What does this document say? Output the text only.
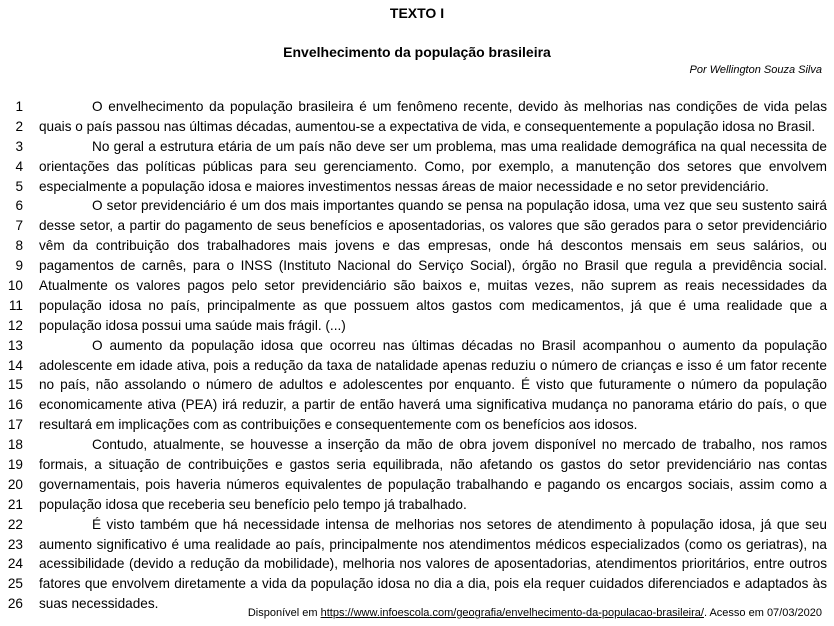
TEXTO I
Envelhecimento da população brasileira
Por Wellington Souza Silva
1	O envelhecimento da população brasileira é um fenômeno recente, devido às melhorias nas condições de vida pelas
2 quais o país passou nas últimas décadas, aumentou-se a expectativa de vida, e consequentemente a população idosa no Brasil.
3	No geral a estrutura etária de um país não deve ser um problema, mas uma realidade demográfica na qual necessita de
4 orientações das políticas públicas para seu gerenciamento. Como, por exemplo, a manutenção dos setores que envolvem
5 especialmente a população idosa e maiores investimentos nessas áreas de maior necessidade e no setor previdenciário.
6	O setor previdenciário é um dos mais importantes quando se pensa na população idosa, uma vez que seu sustento sairá
7 desse setor, a partir do pagamento de seus benefícios e aposentadorias, os valores que são gerados para o setor previdenciário
8 vêm da contribuição dos trabalhadores mais jovens e das empresas, onde há descontos mensais em seus salários, ou
9 pagamentos de carnês, para o INSS (Instituto Nacional do Serviço Social), órgão no Brasil que regula a previdência social.
10 Atualmente os valores pagos pelo setor previdenciário são baixos e, muitas vezes, não suprem as reais necessidades da
11 população idosa no país, principalmente as que possuem altos gastos com medicamentos, já que é uma realidade que a
12 população idosa possui uma saúde mais frágil. (...)
13	O aumento da população idosa que ocorreu nas últimas décadas no Brasil acompanhou o aumento da população
14 adolescente em idade ativa, pois a redução da taxa de natalidade apenas reduziu o número de crianças e isso é um fator recente
15 no país, não assolando o número de adultos e adolescentes por enquanto. É visto que futuramente o número da população
16 economicamente ativa (PEA) irá reduzir, a partir de então haverá uma significativa mudança no panorama etário do país, o que
17 resultará em implicações com as contribuições e consequentemente com os benefícios aos idosos.
18	Contudo, atualmente, se houvesse a inserção da mão de obra jovem disponível no mercado de trabalho, nos ramos
19 formais, a situação de contribuições e gastos seria equilibrada, não afetando os gastos do setor previdenciário nas contas
20 governamentais, pois haveria números equivalentes de população trabalhando e pagando os encargos sociais, assim como a
21 população idosa que receberia seu benefício pelo tempo já trabalhado.
22	É visto também que há necessidade intensa de melhorias nos setores de atendimento à população idosa, já que seu
23 aumento significativo é uma realidade ao país, principalmente nos atendimentos médicos especializados (como os geriatras), na
24 acessibilidade (devido a redução da mobilidade), melhoria nos valores de aposentadorias, atendimentos prioritários, entre outros
25 fatores que envolvem diretamente a vida da população idosa no dia a dia, pois ela requer cuidados diferenciados e adaptados às
26 suas necessidades.
Disponível em https://www.infoescola.com/geografia/envelhecimento-da-populacao-brasileira/. Acesso em 07/03/2020
